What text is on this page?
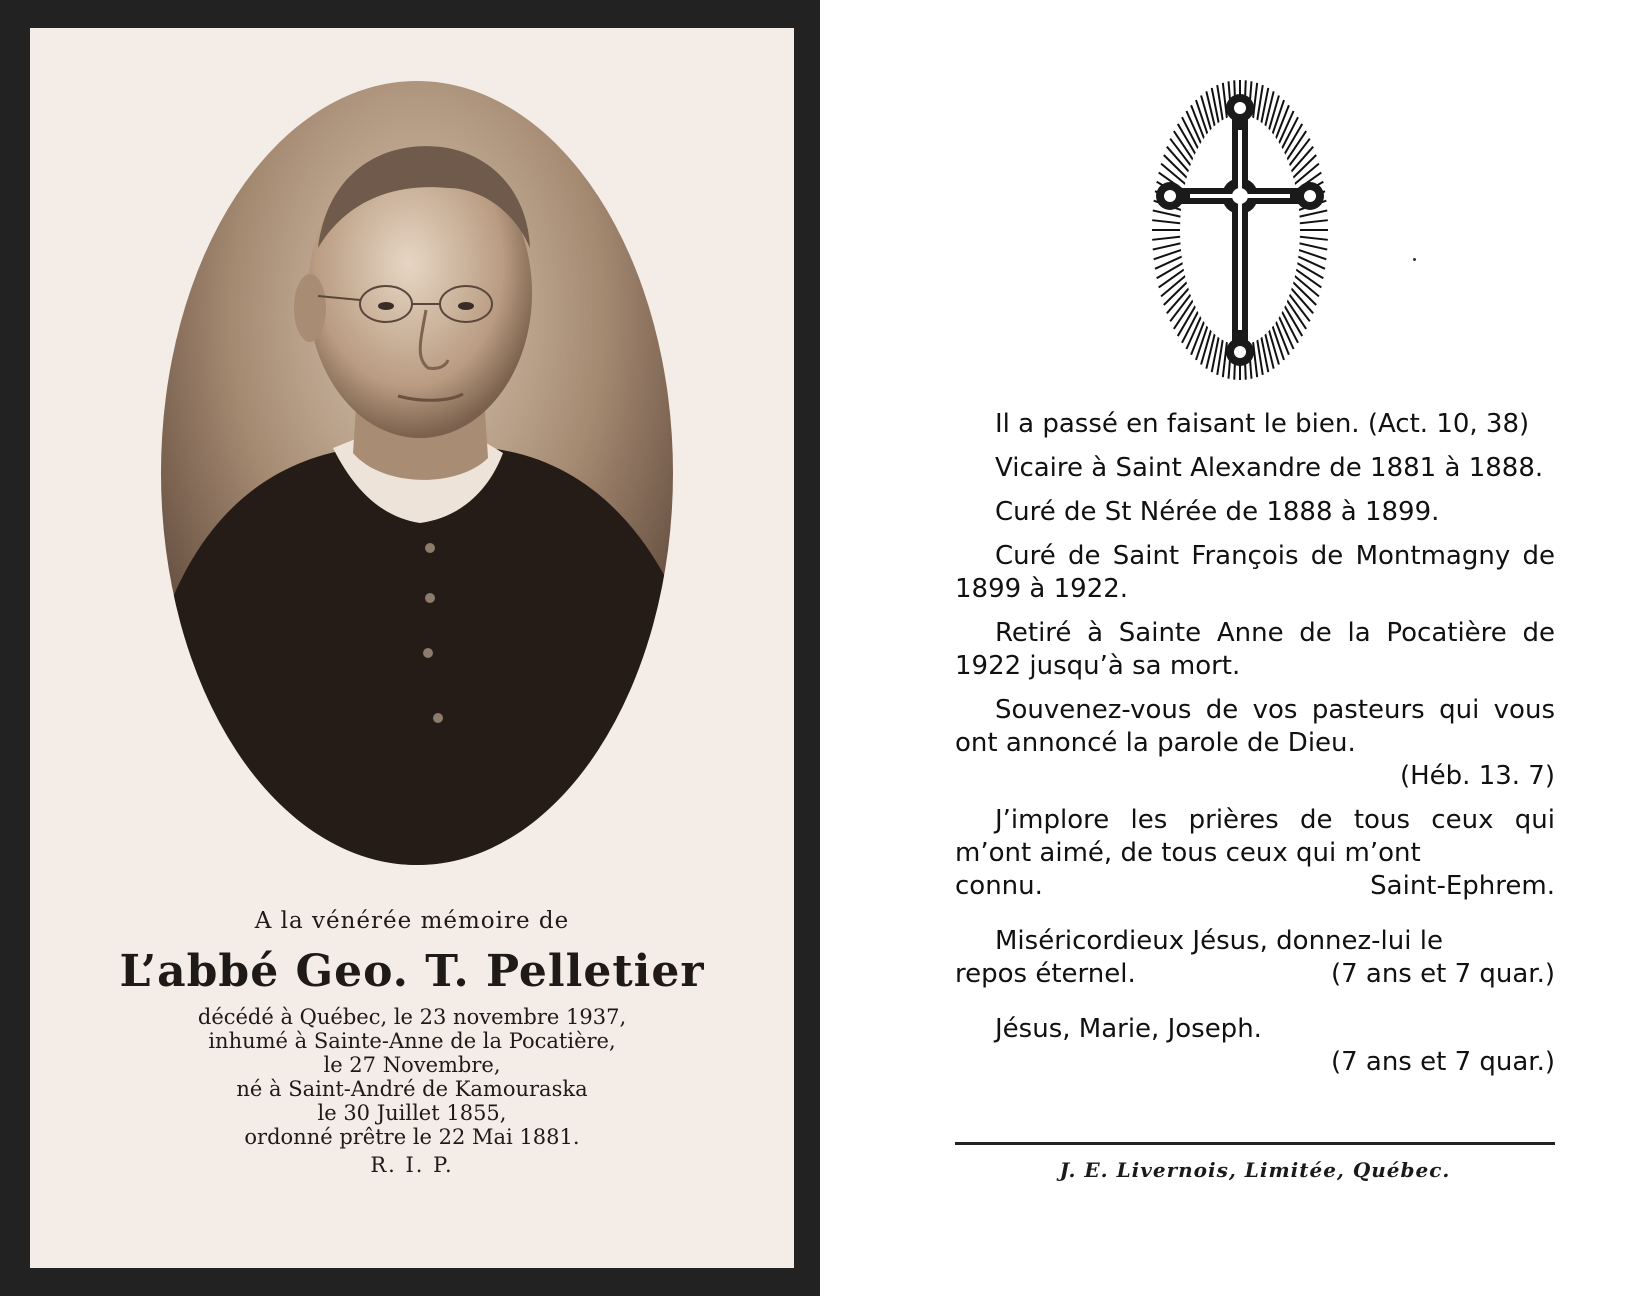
A la vénérée mémoire de

L’abbé Geo. T. Pelletier
décédé à Québec, le 23 novembre 1937,
inhumé à Sainte-Anne de la Pocatière,
le 27 Novembre,
né à Saint-André de Kamouraska
le 30 Juillet 1855,
ordonné prêtre le 22 Mai 1881.
R. I. P.

Il a passé en faisant le bien. (Act. 10, 38)

Vicaire à Saint Alexandre de 1881 à 1888.

Curé de St Nérée de 1888 à 1899.

Curé de Saint François de Montmagny de 1899 à 1922.

Retiré à Sainte Anne de la Pocatière de 1922 jusqu’à sa mort.

Souvenez-vous de vos pasteurs qui vous ont annoncé la parole de Dieu.

(Héb. 13. 7)

J’implore les prières de tous ceux qui m’ont aimé, de tous ceux qui m’ont

connu.	Saint-Ephrem.

Miséricordieux Jésus, donnez-lui le

repos éternel.	(7 ans et 7 quar.)

Jésus, Marie, Joseph.

(7 ans et 7 quar.)

J. E. Livernois, Limitée, Québec.
